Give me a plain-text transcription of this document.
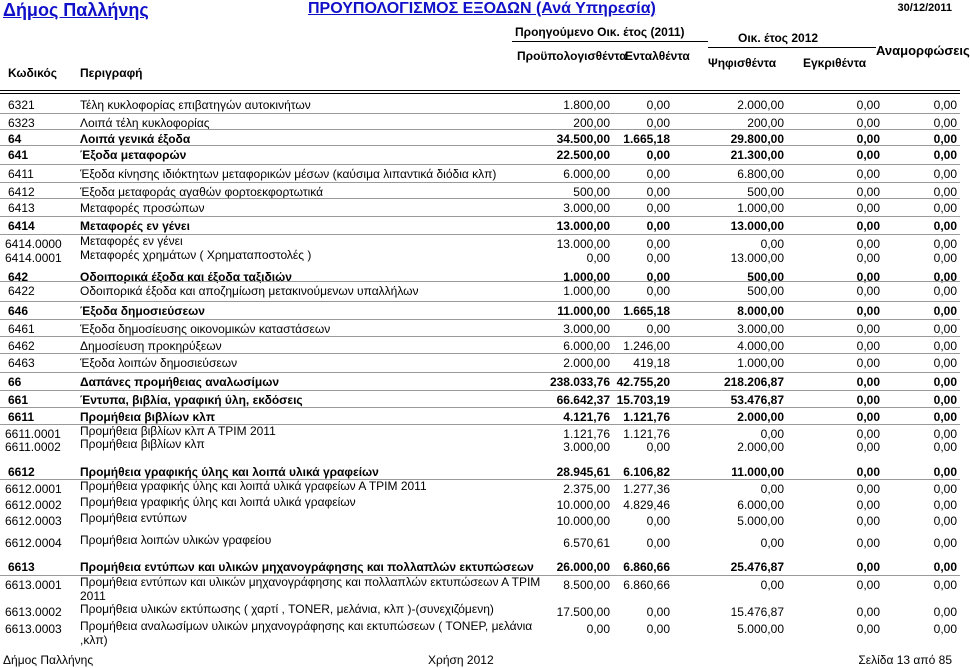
Δήμος Παλλήνης	ΠΡΟΥΠΟΛΟΓΙΣΜΟΣ ΕΞΟΔΩΝ (Ανά Υπηρεσία)	30/12/2011
Προηγούμενο Οικ. έτος (2011)	Οικ. έτος 2012
Κωδικός Περιγραφή
Προϋπολογισθέντα
Ενταλθέντα Ψηφισθέντα Εγκριθέντα
Αναμορφώσεις
6321	Τέλη κυκλοφορίας επιβατηγών αυτοκινήτων	1.800,00	0,00	2.000,00	0,00	0,00
6323	Λοιπά τέλη κυκλοφορίας	200,00	0,00	200,00	0,00	0,00
64	Λοιπά γενικά έξοδα	34.500,00 1.665,18	29.800,00	0,00	0,00
641	Έξοδα μεταφορών	22.500,00	0,00	21.300,00	0,00	0,00
6411	Έξοδα κίνησης ιδιόκτητων μεταφορικών μέσων (καύσιμα λιπαντικά διόδια κλπ)	6.000,00	0,00	6.800,00	0,00	0,00
6412	Έξοδα μεταφοράς αγαθών φορτοεκφορτωτικά	500,00	0,00	500,00	0,00	0,00
6413	Μεταφορές προσώπων	3.000,00	0,00	1.000,00	0,00	0,00
6414	Μεταφορές εν γένει	13.000,00	0,00	13.000,00	0,00	0,00
6414.0000 Μεταφορές εν γένει	13.000,00	0,00	0,00	0,00	0,00
6414.0001 Μεταφορές χρημάτων ( Χρηματαποστολές )	0,00	0,00	13.000,00	0,00	0,00
642	Οδοιπορικά έξοδα και έξοδα ταξιδιών	1.000,00	0,00	500,00	0,00	0,00
6422	Οδοιπορικά έξοδα και αποζημίωση μετακινούμενων υπαλλήλων	1.000,00	0,00	500,00	0,00	0,00
646	Έξοδα δημοσιεύσεων	11.000,00 1.665,18	8.000,00	0,00	0,00
6461	Έξοδα δημοσίευσης οικονομικών καταστάσεων	3.000,00	0,00	3.000,00	0,00	0,00
6462	Δημοσίευση προκηρύξεων	6.000,00 1.246,00	4.000,00	0,00	0,00
6463	Έξοδα λοιπών δημοσιεύσεων	2.000,00 419,18	1.000,00	0,00	0,00
66	Δαπάνες προμήθειας αναλωσίμων	238.033,76 42.755,20	218.206,87	0,00	0,00
661	Έντυπα, βιβλία, γραφική ύλη, εκδόσεις	66.642,37 15.703,19	53.476,87	0,00	0,00
6611	Προμήθεια βιβλίων κλπ	4.121,76 1.121,76	2.000,00	0,00	0,00
6611.0001 Προμήθεια βιβλίων κλπ Α ΤΡΙΜ 2011	1.121,76 1.121,76	0,00	0,00	0,00
6611.0002 Προμήθεια βιβλίων κλπ	3.000,00	0,00	2.000,00	0,00	0,00
6612	Προμήθεια γραφικής ύλης και λοιπά υλικά γραφείων	28.945,61 6.106,82	11.000,00	0,00	0,00
6612.0001 Προμήθεια γραφικής ύλης και λοιπά υλικά γραφείων Α ΤΡΙΜ 2011	2.375,00 1.277,36	0,00	0,00	0,00
6612.0002 Προμήθεια γραφικής ύλης και λοιπά υλικά γραφείων	10.000,00 4.829,46	6.000,00	0,00	0,00
6612.0003 Προμήθεια εντύπων	10.000,00	0,00	5.000,00	0,00	0,00
6612.0004 Προμήθεια λοιπών υλικών γραφείου	6.570,61	0,00	0,00	0,00	0,00
6613	Προμήθεια εντύπων και υλικών μηχανογράφησης και πολλαπλών εκτυπώσεων 26.000,00 6.860,66	25.476,87	0,00	0,00
6613.0001 Προμήθεια εντύπων και υλικών μηχανογράφησης και πολλαπλών εκτυπώσεων Α ΤΡΙΜ
2011
8.500,00 6.860,66	0,00	0,00	0,00
6613.0002 Προμήθεια υλικών εκτύπωσης ( χαρτί , TONER, μελάνια, κλπ )-(συνεχιζόμενη)	17.500,00	0,00	15.476,87	0,00	0,00
6613.0003 Προμήθεια αναλωσίμων υλικών μηχανογράφησης και εκτυπώσεων ( ΤΟΝΕΡ, μελάνια
,κλπ)
0,00	0,00	5.000,00	0,00	0,00
Δήμος Παλλήνης	Χρήση 2012	Σελίδα 13 από 85
